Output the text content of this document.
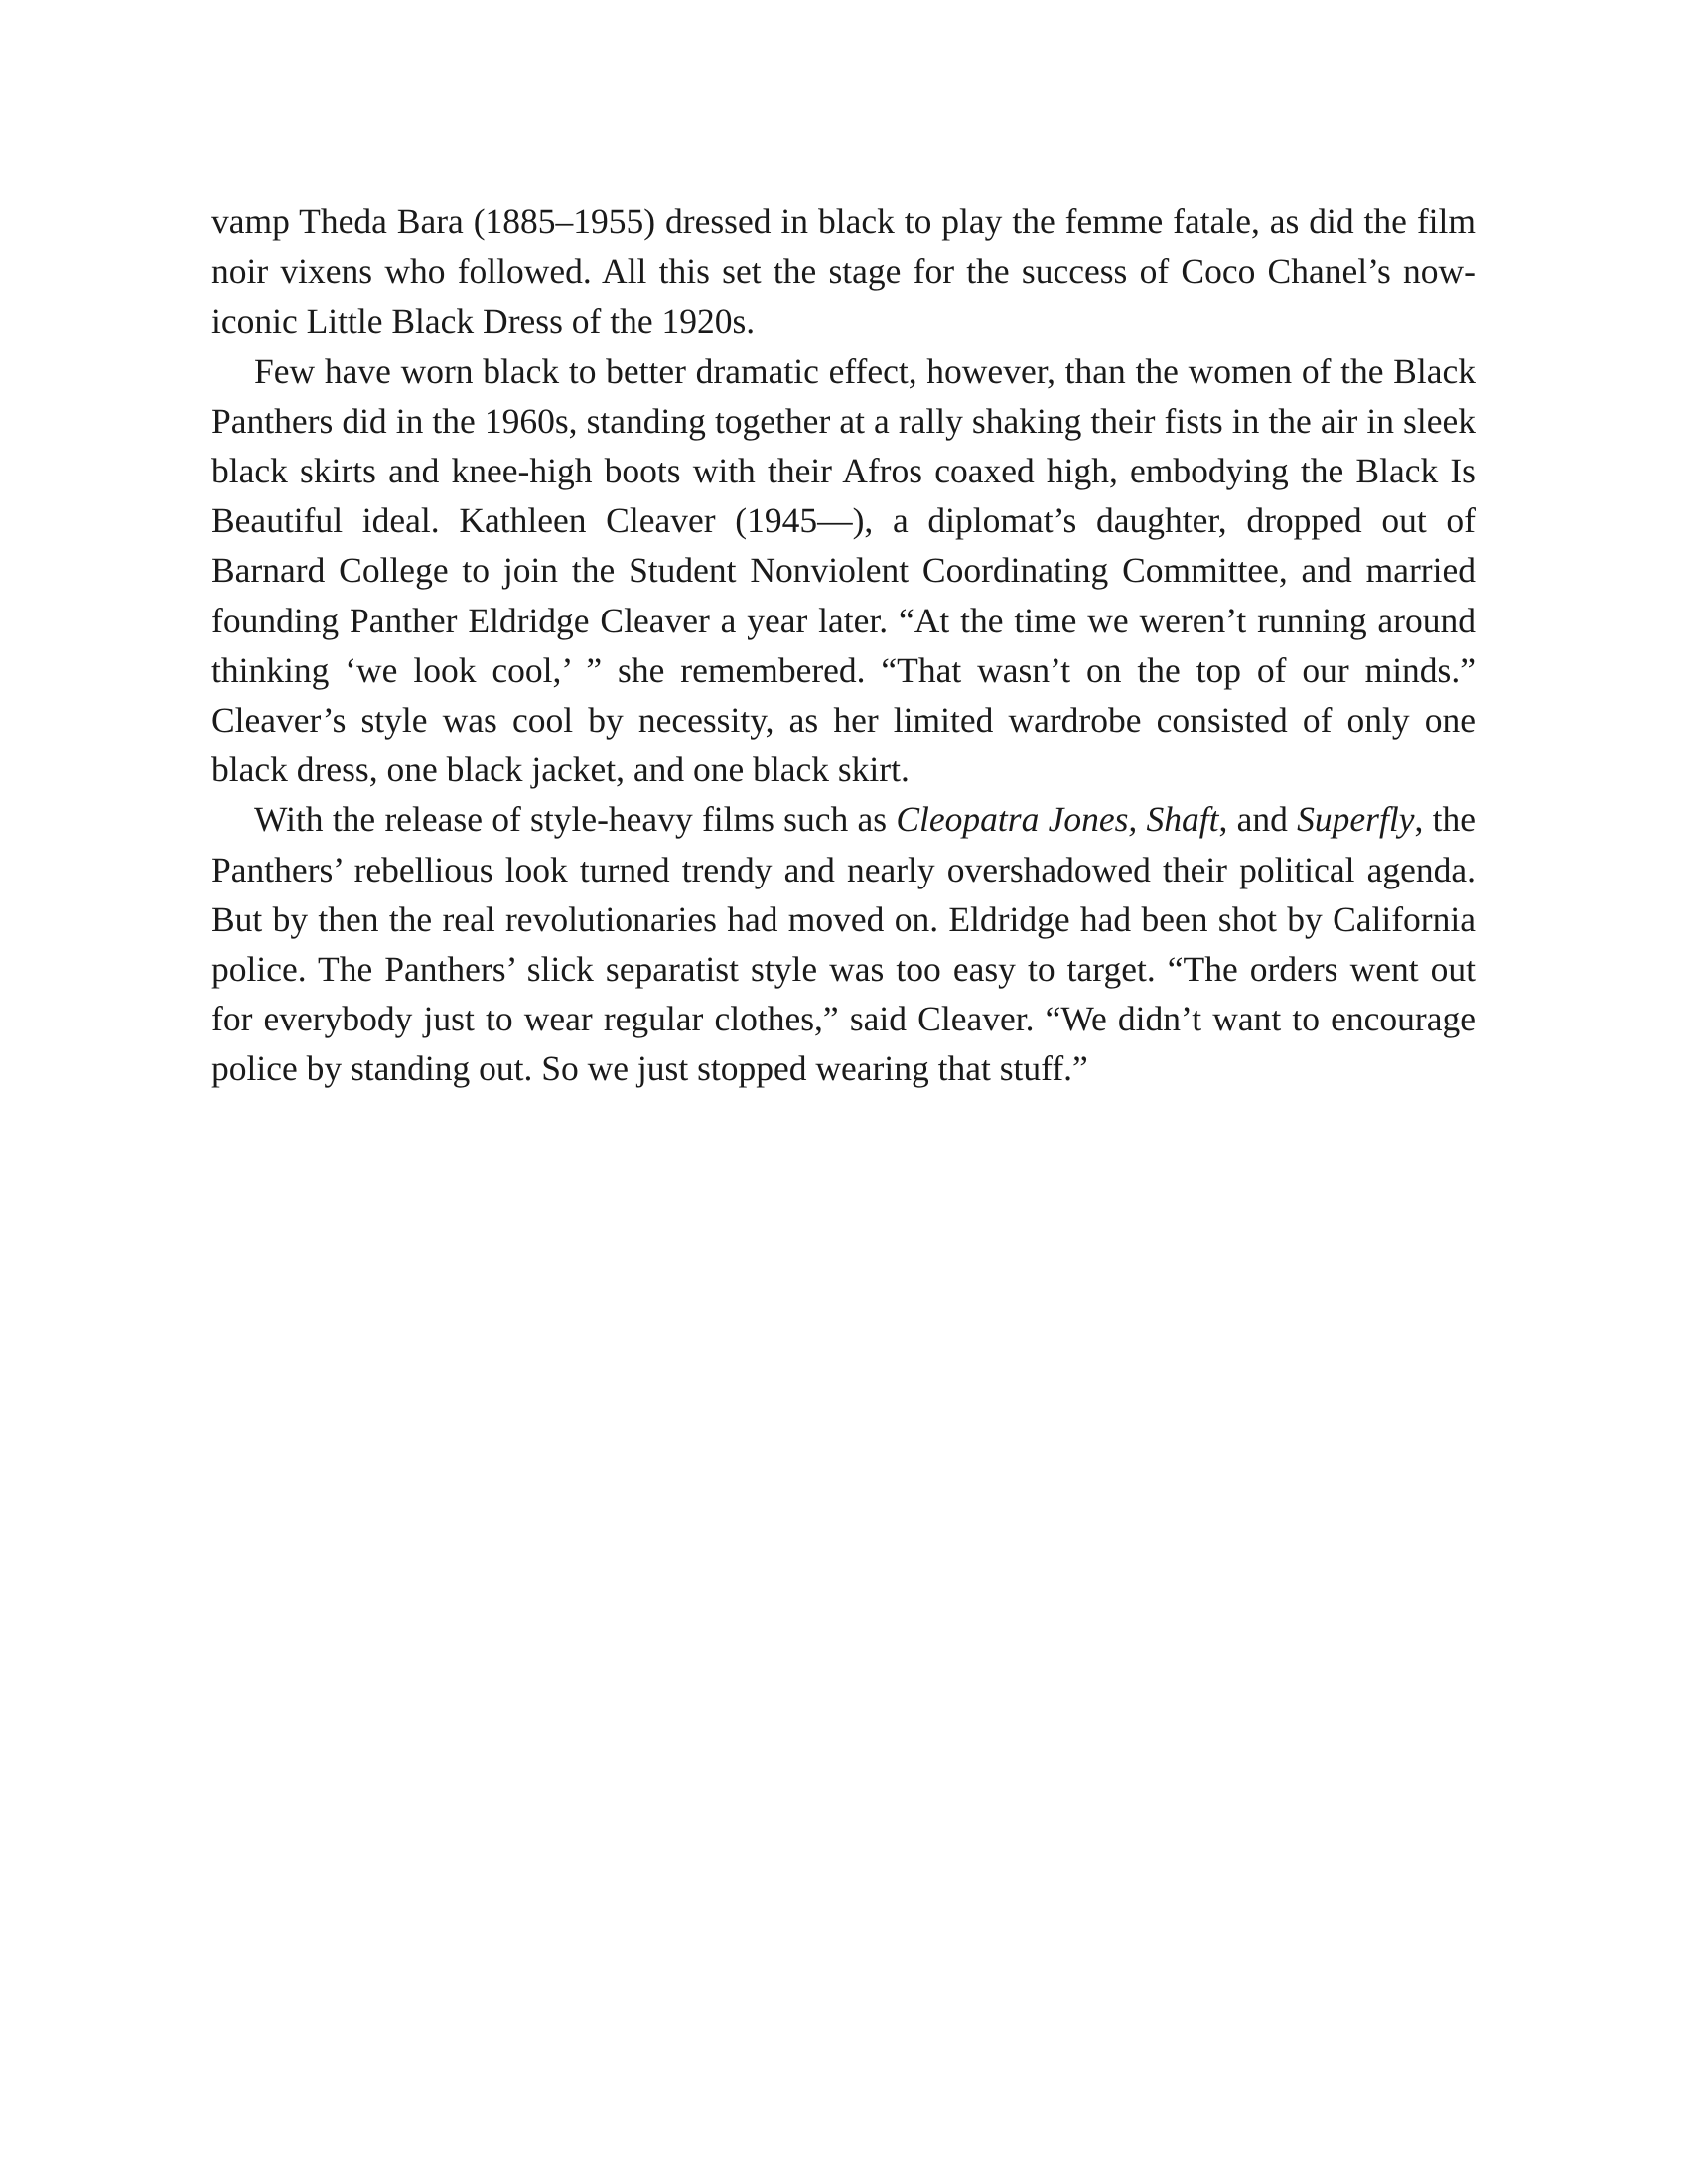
vamp Theda Bara (1885–1955) dressed in black to play the femme fatale, as did the film noir vixens who followed. All this set the stage for the success of Coco Chanel’s now-iconic Little Black Dress of the 1920s.

Few have worn black to better dramatic effect, however, than the women of the Black Panthers did in the 1960s, standing together at a rally shaking their fists in the air in sleek black skirts and knee-high boots with their Afros coaxed high, embodying the Black Is Beautiful ideal. Kathleen Cleaver (1945—), a diplomat’s daughter, dropped out of Barnard College to join the Student Nonviolent Coordinating Committee, and married founding Panther Eldridge Cleaver a year later. “At the time we weren’t running around thinking ‘we look cool,’ ” she remembered. “That wasn’t on the top of our minds.” Cleaver’s style was cool by necessity, as her limited wardrobe consisted of only one black dress, one black jacket, and one black skirt.

With the release of style-heavy films such as Cleopatra Jones, Shaft, and Superfly, the Panthers’ rebellious look turned trendy and nearly overshadowed their political agenda. But by then the real revolutionaries had moved on. Eldridge had been shot by California police. The Panthers’ slick separatist style was too easy to target. “The orders went out for everybody just to wear regular clothes,” said Cleaver. “We didn’t want to encourage police by standing out. So we just stopped wearing that stuff.”
